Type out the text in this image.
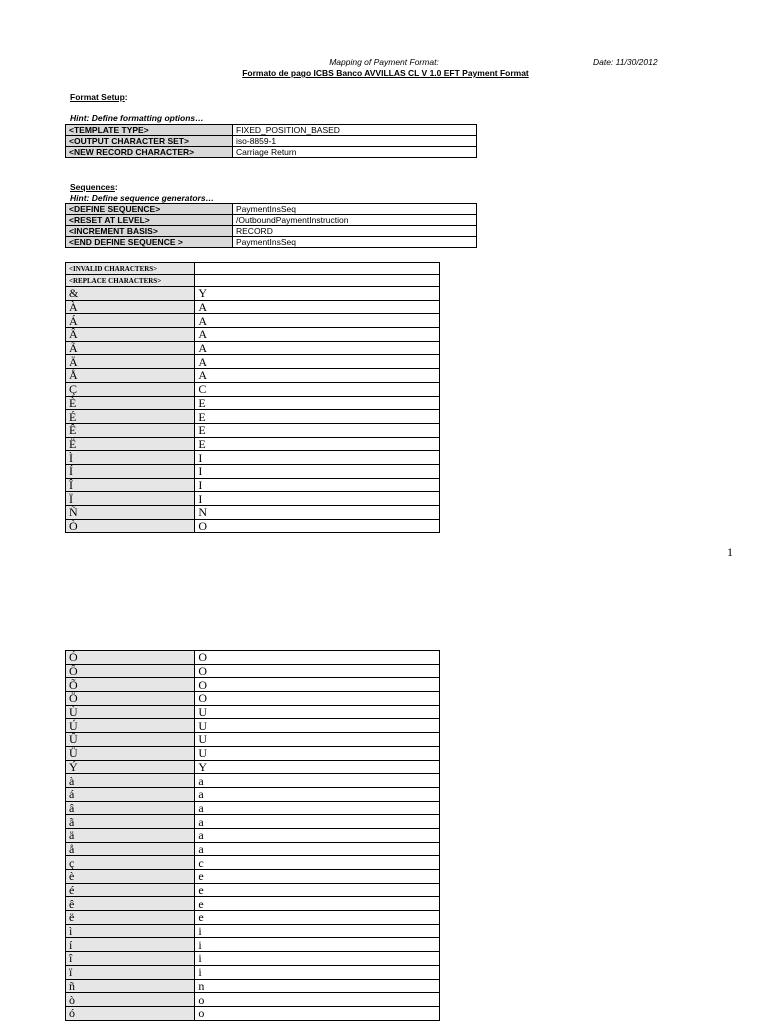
Mapping of Payment Format:
Formato de pago ICBS Banco AVVILLAS CL V 1.0 EFT Payment Format
Date: 11/30/2012
Format Setup:
Hint: Define formatting options…
<TEMPLATE TYPE>	FIXED_POSITION_BASED
<OUTPUT CHARACTER SET>	iso-8859-1
<NEW RECORD CHARACTER>	Carriage Return
Sequences:
Hint: Define sequence generators…
<DEFINE SEQUENCE>	PaymentInsSeq
<RESET AT LEVEL>	/OutboundPaymentInstruction
<INCREMENT BASIS>	RECORD
<END DEFINE SEQUENCE >	PaymentInsSeq
<INVALID CHARACTERS>	
<REPLACE CHARACTERS>	
&	Y
À	A
Á	A
Â	A
Ã	A
Ä	A
Å	A
Ç	C
È	E
É	E
Ê	E
Ë	E
Ì	I
Í	I
Î	I
Ï	I
Ñ	N
Ò	O
1
Ó	O
Ô	O
Õ	O
Ö	O
Ù	U
Ú	U
Û	U
Ü	U
Ý	Y
à	a
á	a
â	a
ã	a
ä	a
å	a
ç	c
è	e
é	e
ê	e
ë	e
ì	i
í	i
î	i
ï	i
ñ	n
ò	o
ó	o
